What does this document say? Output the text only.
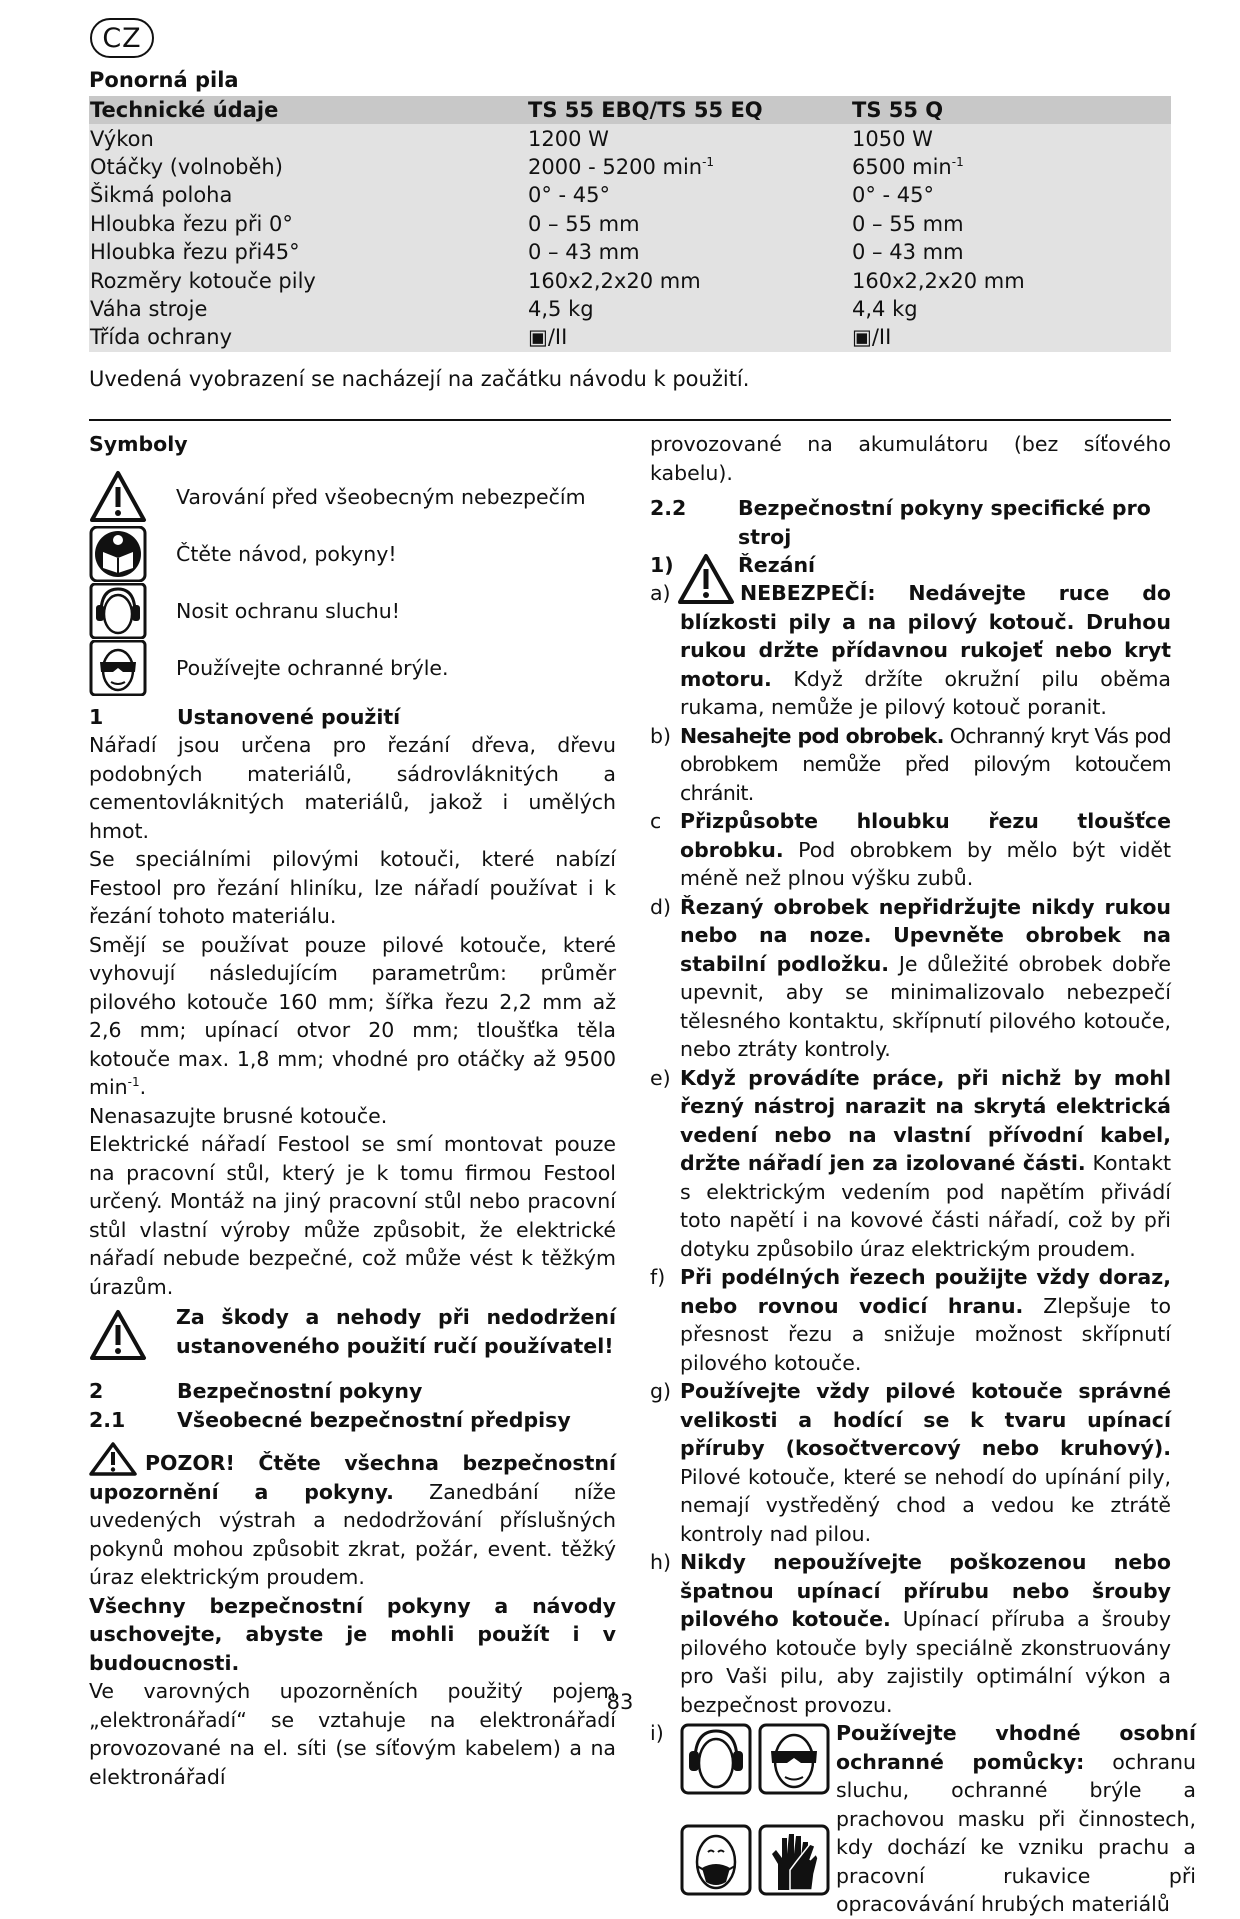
CZ
Ponorná pila
Technické údaje	TS 55 EBQ/TS 55 EQ	TS 55 Q
Výkon	1200 W	1050 W
Otáčky (volnoběh)	2000 - 5200 $\min^{-1}$	6500 $\min^{-1}$
Šikmá poloha	0° - 45°	0° - 45°
Hloubka řezu při 0°	0 – 55 mm	0 – 55 mm
Hloubka řezu při45°	0 – 43 mm	0 – 43 mm
Rozměry kotouče pily	160x2,2x20 mm	160x2,2x20 mm
Váha stroje	4,5 kg	4,4 kg
Třída ochrany	▣/II	▣/II
Uvedená vyobrazení se nacházejí na začátku návodu k použití.

Symboly

Varování před všeobecným nebezpečím
Čtěte návod, pokyny!
Nosit ochranu sluchu!
Používejte ochranné brýle.
1	Ustanovené použití

Nářadí jsou určena pro řezání dřeva, dřevu podobných materiálů, sádrovláknitých a cementovláknitých materiálů, jakož i umělých hmot.

Se speciálními pilovými kotouči, které nabízí Festool pro řezání hliníku, lze nářadí používat i k řezání tohoto materiálu.

Smějí se používat pouze pilové kotouče, které vyhovují následujícím parametrům: průměr pilového kotouče 160 mm; šířka řezu 2,2 mm až 2,6 mm; upínací otvor 20 mm; tloušťka těla kotouče max. 1,8 mm; vhodné pro otáčky až 9500 $\min^{-1}$.

Nenasazujte brusné kotouče.

Elektrické nářadí Festool se smí montovat pouze na pracovní stůl, který je k tomu firmou Festool určený. Montáž na jiný pracovní stůl nebo pracovní stůl vlastní výroby může způsobit, že elektrické nářadí nebude bezpečné, což může vést k těžkým úrazům.

Za škody a nehody při nedodržení ustanoveného použití ručí používatel!

2	Bezpečnostní pokyny
2.1	Všeobecné bezpečnostní předpisy

POZOR! Čtěte všechna bezpečnostní upozornění a pokyny. Zanedbání níže uvedených výstrah a nedodržování příslušných pokynů mohou způsobit zkrat, požár, event. těžký úraz elektrickým proudem.

Všechny bezpečnostní pokyny a návody uschovejte, abyste je mohli použít i v budoucnosti.

Ve varovných upozorněních použitý pojem „elektronářadí“ se vztahuje na elektronářadí provozované na el. síti (se síťovým kabelem) a na elektronářadí

provozované na akumulátoru (bez síťového kabelu).

2.2	Bezpečnostní pokyny specifické pro stroj
1)	Řezání
a)	NEBEZPEČÍ: Nedávejte ruce do blízkosti pily a na pilový kotouč. Druhou rukou držte přídavnou rukojeť nebo kryt motoru. Když držíte okružní pilu oběma rukama, nemůže je pilový kotouč poranit.

b) Nesahejte pod obrobek. Ochranný kryt Vás pod obrobkem nemůže před pilovým kotoučem chránit.

c Přizpůsobte hloubku řezu tloušťce obrobku. Pod obrobkem by mělo být vidět méně než plnou výšku zubů.

d) Řezaný obrobek nepřidržujte nikdy rukou nebo na noze. Upevněte obrobek na stabilní podložku. Je důležité obrobek dobře upevnit, aby se minimalizovalo nebezpečí tělesného kontaktu, skřípnutí pilového kotouče, nebo ztráty kontroly.

e) Když provádíte práce, při nichž by mohl řezný nástroj narazit na skrytá elektrická vedení nebo na vlastní přívodní kabel, držte nářadí jen za izolované části. Kontakt s elektrickým vedením pod napětím přivádí toto napětí i na kovové části nářadí, což by při dotyku způsobilo úraz elektrickým proudem.

f) Při podélných řezech použijte vždy doraz, nebo rovnou vodicí hranu. Zlepšuje to přesnost řezu a snižuje možnost skřípnutí pilového kotouče.

g) Používejte vždy pilové kotouče správné velikosti a hodící se k tvaru upínací příruby (kosočtvercový nebo kruhový). Pilové kotouče, které se nehodí do upínání pily, nemají vystředěný chod a vedou ke ztrátě kontroly nad pilou.

h) Nikdy nepoužívejte poškozenou nebo špatnou upínací přírubu nebo šrouby pilového kotouče. Upínací příruba a šrouby pilového kotouče byly speciálně zkonstruovány pro Vaši pilu, aby zajistily optimální výkon a bezpečnost provozu.

i)	Používejte vhodné osobní ochranné pomůcky: ochranu sluchu, ochranné brýle a prachovou masku při činnostech, kdy dochází ke vzniku prachu a pracovní rukavice při opracovávání hrubých materiálů

83
